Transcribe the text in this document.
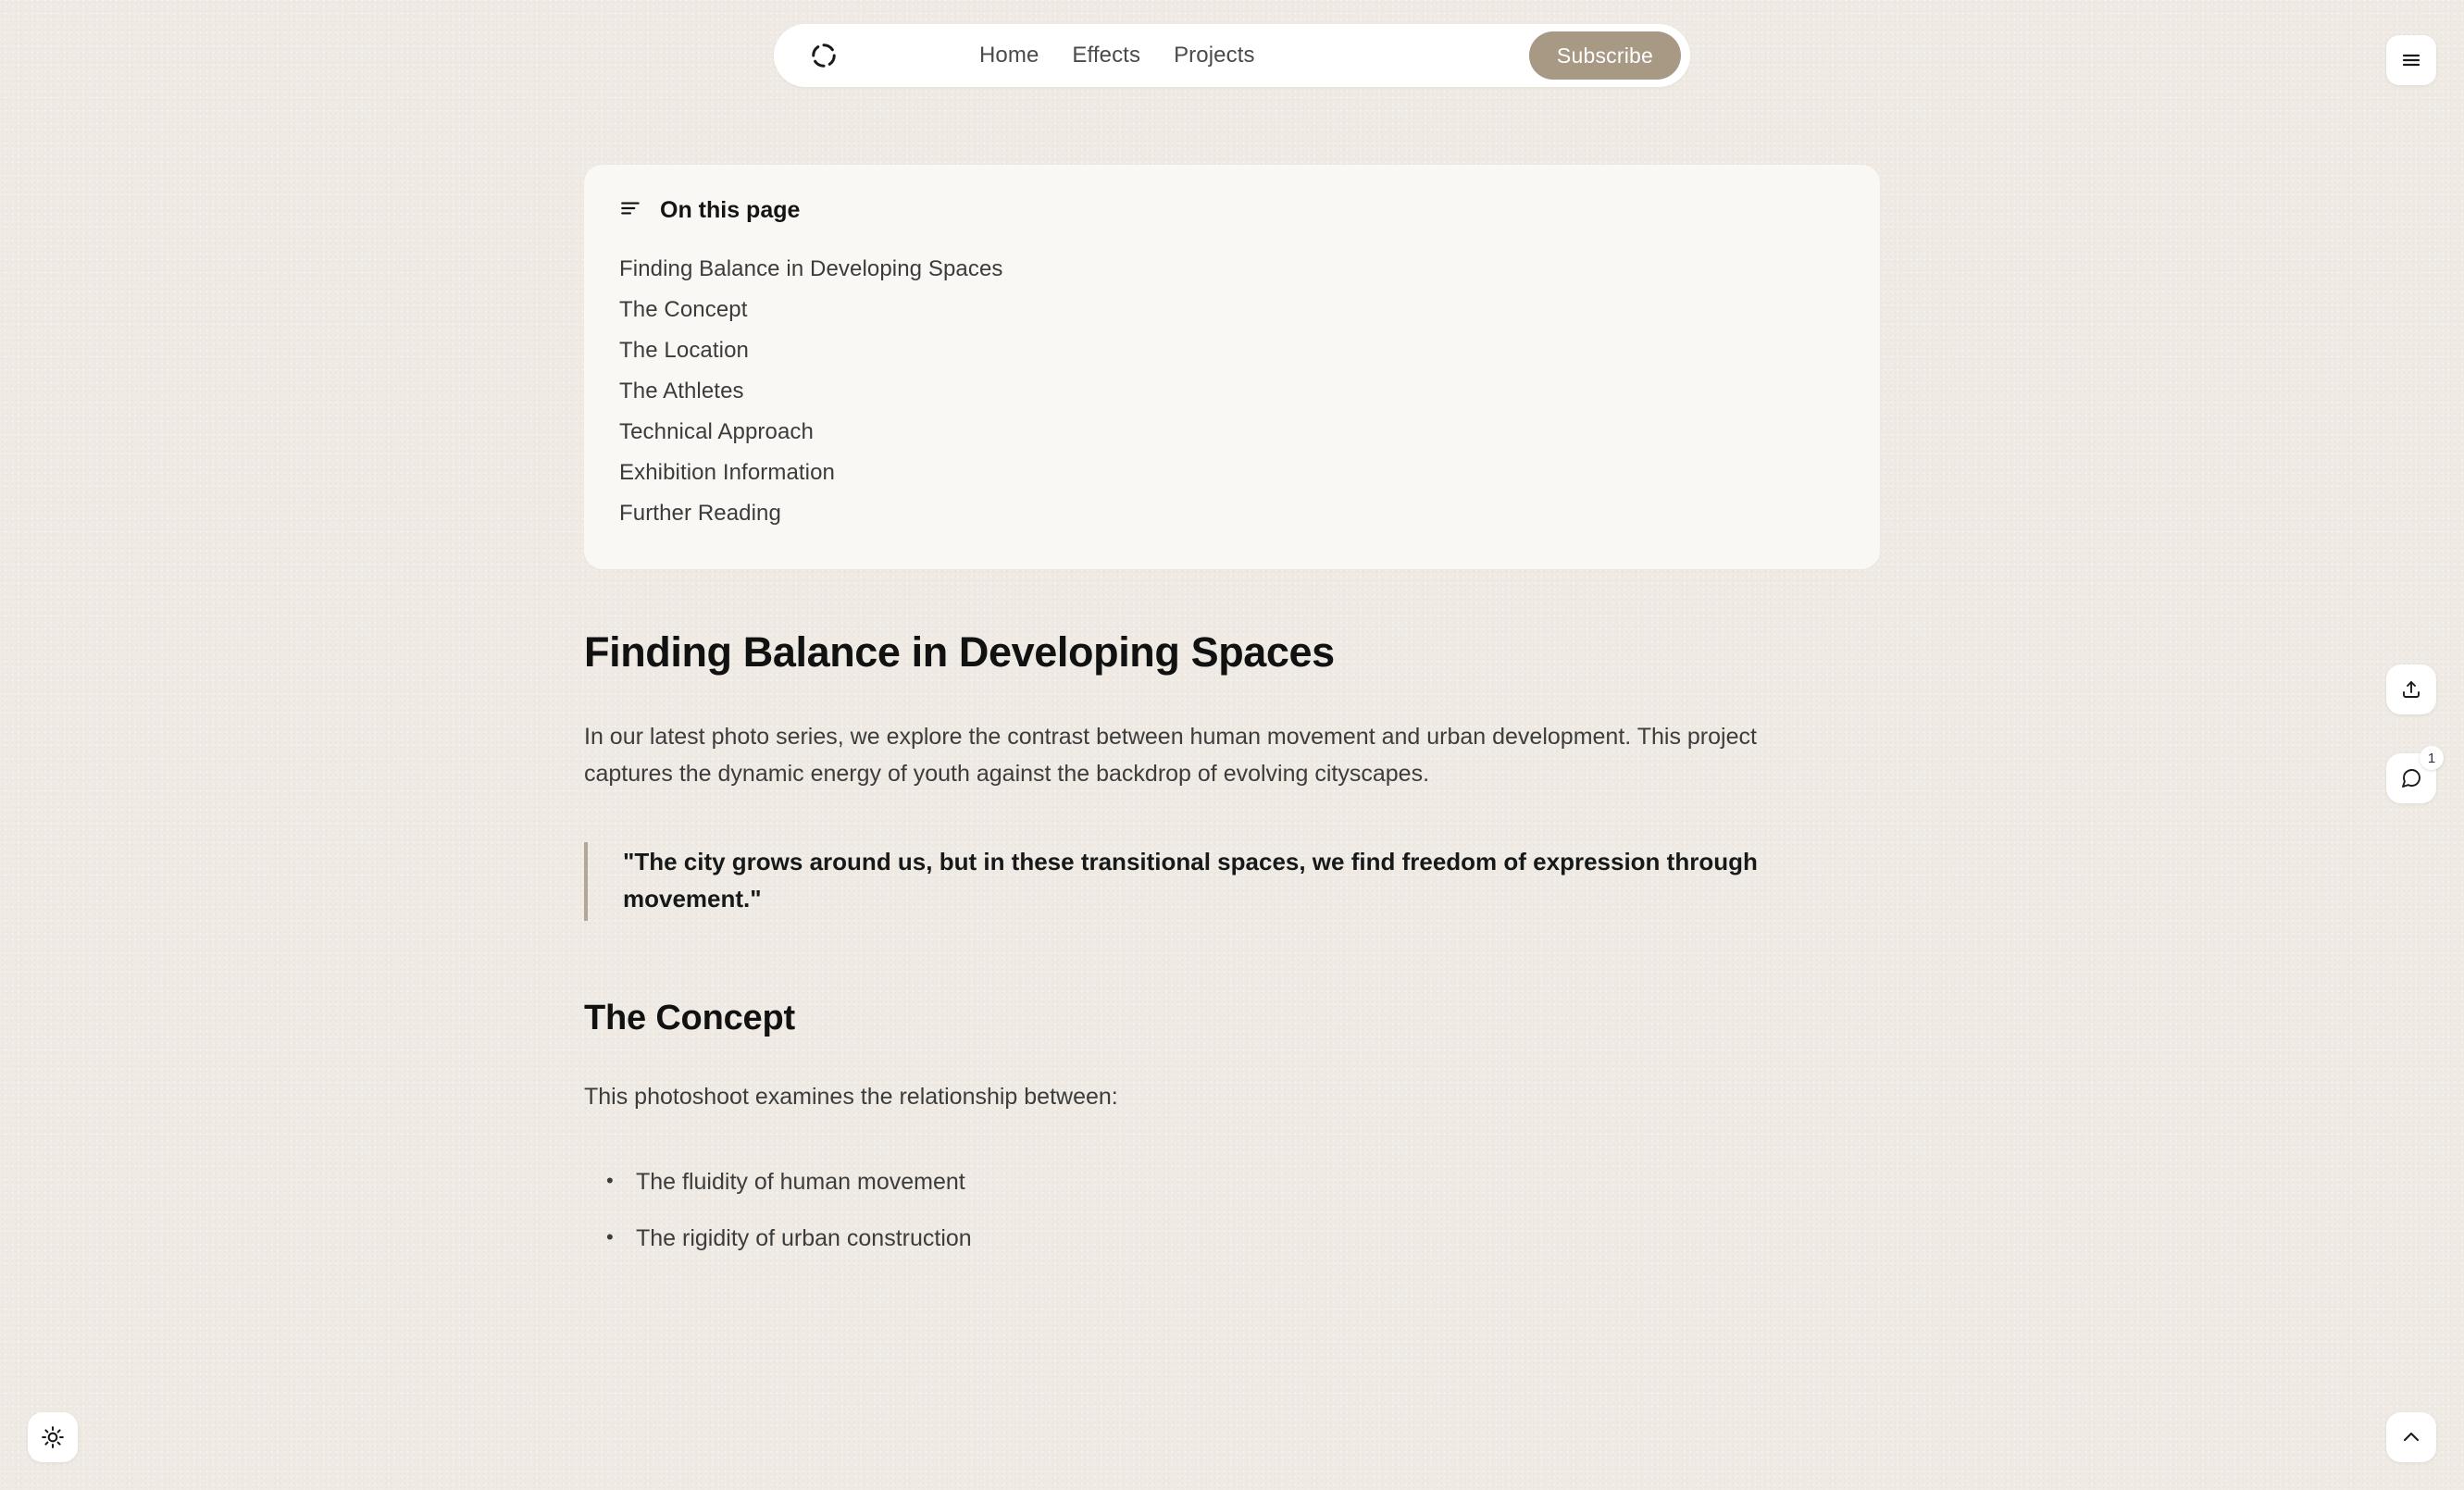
Home Effects Projects	Subscribe
1
On this page
Finding Balance in Developing Spaces
The Concept
The Location
The Athletes
Technical Approach
Exhibition Information
Further Reading
Finding Balance in Developing Spaces

In our latest photo series, we explore the contrast between human movement and urban development. This project captures the dynamic energy of youth against the backdrop of evolving cityscapes.

"The city grows around us, but in these transitional spaces, we find freedom of expression through movement."
The Concept

This photoshoot examines the relationship between:

• The fluidity of human movement
• The rigidity of urban construction
